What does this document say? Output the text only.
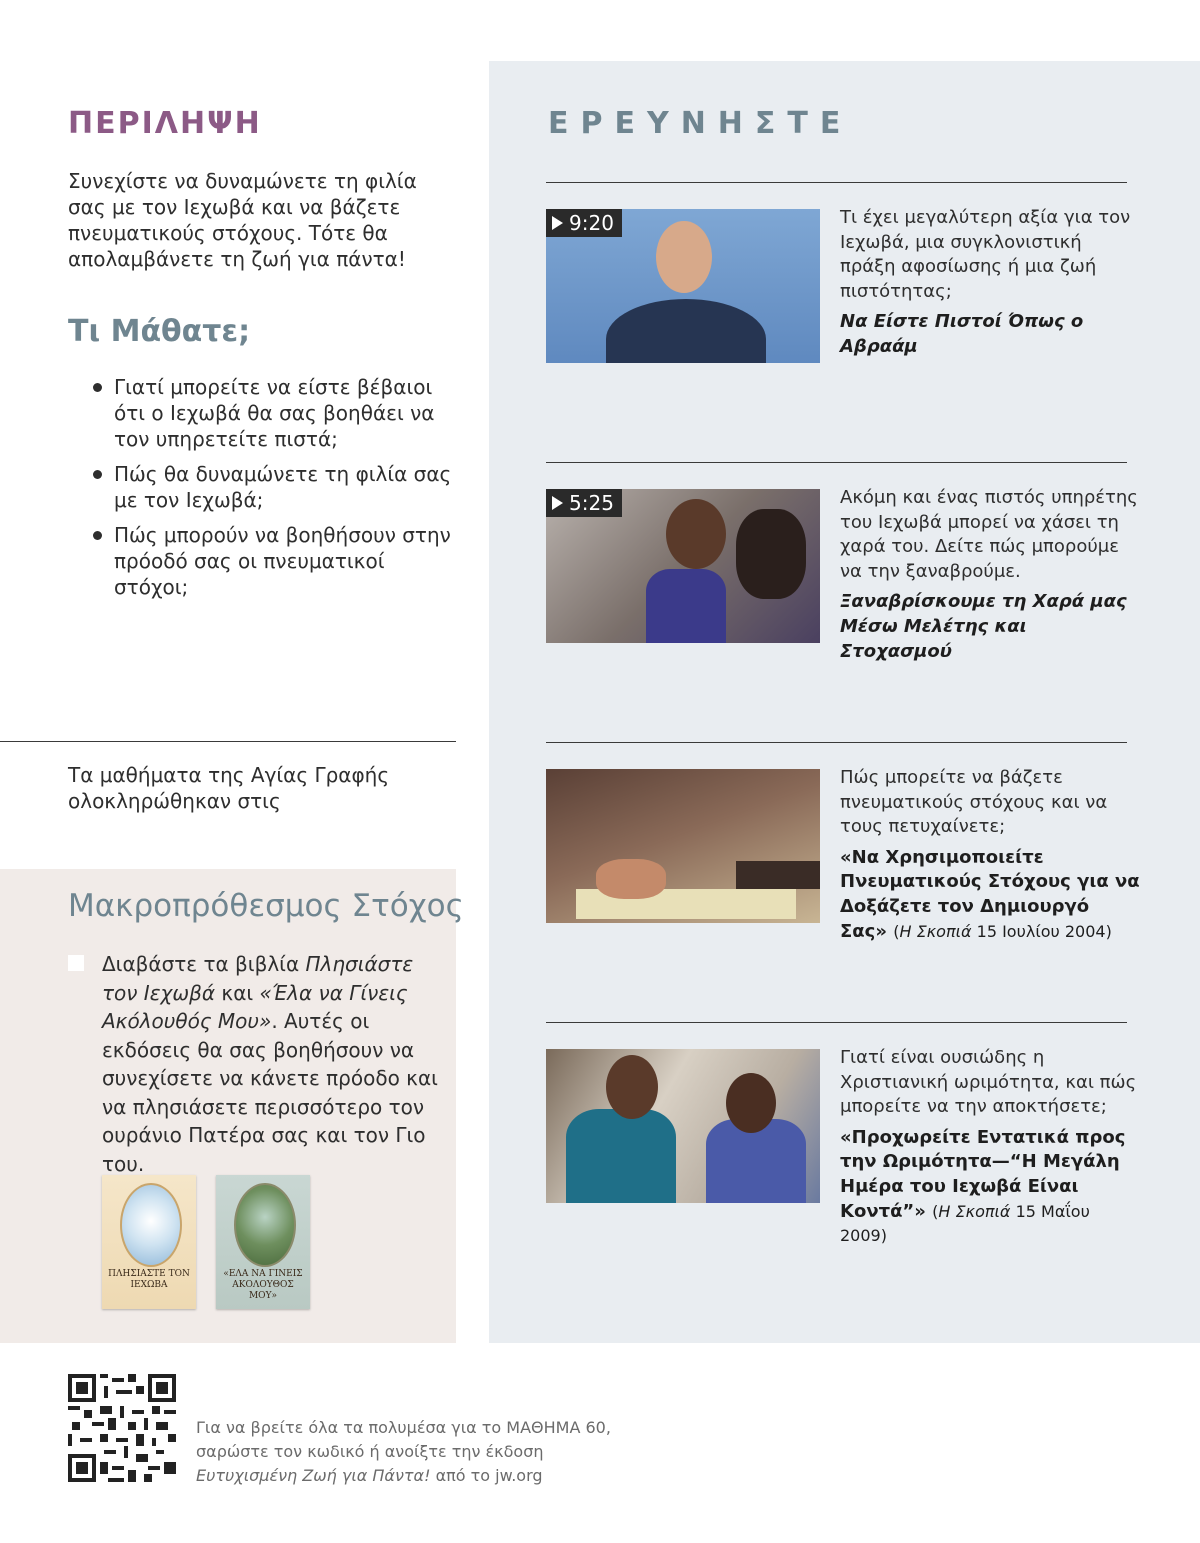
ΠΕΡΙΛΗΨΗ

Συνεχίστε να δυναμώνετε τη φιλία σας με τον Ιεχωβά και να βάζετε πνευματικούς στόχους. Τότε θα απολαμβάνετε τη ζωή για πάντα!

Τι Μάθατε;
Γιατί μπορείτε να είστε βέβαιοι ότι ο Ιεχωβά θα σας βοηθάει να τον υπηρετείτε πιστά;
Πώς θα δυναμώνετε τη φιλία σας με τον Ιεχωβά;
Πώς μπορούν να βοηθήσουν στην πρόοδό σας οι πνευματικοί στόχοι;

Τα μαθήματα της Αγίας Γραφής ολοκληρώθηκαν στις

Μακροπρόθεσμος Στόχος

Διαβάστε τα βιβλία Πλησιάστε τον Ιεχωβά και «Έλα να Γίνεις Ακόλουθός Μου». Αυτές οι εκδόσεις θα σας βοηθήσουν να συνεχίσετε να κάνετε πρόοδο και να πλησιάσετε περισσότερο τον ουράνιο Πατέρα σας και τον Γιο του.

ΠΛΗΣΙΑΣΤΕ ΤΟΝ ΙΕΧΩΒΑ
«ΕΛΑ ΝΑ ΓΙΝΕΙΣ ΑΚΟΛΟΥΘΟΣ ΜΟΥ»
ΕΡΕΥΝΗΣΤΕ
9:20	Τι έχει μεγαλύτερη αξία για τον Ιεχωβά, μια συγκλονιστική πράξη αφοσίωσης ή μια ζωή πιστότητας;

Να Είστε Πιστοί Όπως ο Αβραάμ

5:25	Ακόμη και ένας πιστός υπηρέτης του Ιεχωβά μπορεί να χάσει τη χαρά του. Δείτε πώς μπορούμε να την ξαναβρούμε.

Ξαναβρίσκουμε τη Χαρά μας Μέσω Μελέτης και Στοχασμού

Πώς μπορείτε να βάζετε πνευματικούς στόχους και να τους πετυχαίνετε;

«Να Χρησιμοποιείτε Πνευματικούς Στόχους για να Δοξάζετε τον Δημιουργό Σας» (Η Σκοπιά 15 Ιουλίου 2004)

Γιατί είναι ουσιώδης η Χριστιανική ωριμότητα, και πώς μπορείτε να την αποκτήσετε;

«Προχωρείτε Εντατικά προς την Ωριμότητα—“Η Μεγάλη Ημέρα του Ιεχωβά Είναι Κοντά”» (Η Σκοπιά 15 Μαΐου 2009)

Για να βρείτε όλα τα πολυμέσα για το ΜΑΘΗΜΑ 60,
σαρώστε τον κωδικό ή ανοίξτε την έκδοση
Ευτυχισμένη Ζωή για Πάντα! από το jw.org
